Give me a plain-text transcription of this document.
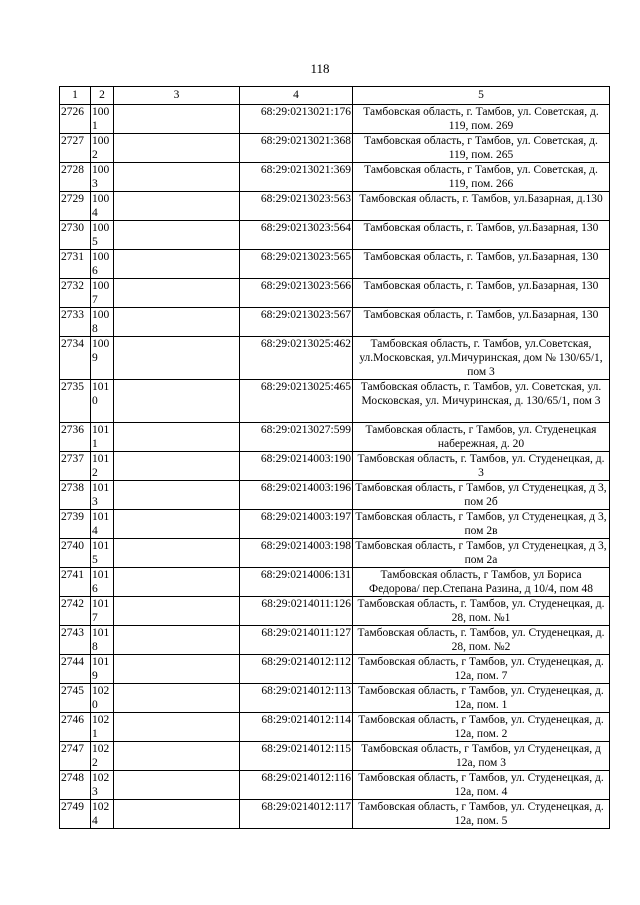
118
1	2	3	4	5
2726	1001		68:29:0213021:176	Тамбовская область, г. Тамбов, ул. Советская, д. 119, пом. 269
2727	1002		68:29:0213021:368	Тамбовская область, г Тамбов, ул. Советская, д. 119, пом. 265
2728	1003		68:29:0213021:369	Тамбовская область, г Тамбов, ул. Советская, д. 119, пом. 266
2729	1004		68:29:0213023:563	Тамбовская область, г. Тамбов, ул.Базарная, д.130
2730	1005		68:29:0213023:564	Тамбовская область, г. Тамбов, ул.Базарная, 130
2731	1006		68:29:0213023:565	Тамбовская область, г. Тамбов, ул.Базарная, 130
2732	1007		68:29:0213023:566	Тамбовская область, г. Тамбов, ул.Базарная, 130
2733	1008		68:29:0213023:567	Тамбовская область, г. Тамбов, ул.Базарная, 130
2734	1009		68:29:0213025:462	Тамбовская область, г. Тамбов, ул.Советская, ул.Московская, ул.Мичуринская, дом № 130/65/1, пом 3
2735	1010		68:29:0213025:465	Тамбовская область, г. Тамбов, ул. Советская, ул. Московская, ул. Мичуринская, д. 130/65/1, пом 3
2736	1011		68:29:0213027:599	Тамбовская область, г Тамбов, ул. Студенецкая набережная, д. 20
2737	1012		68:29:0214003:190	Тамбовская область, г. Тамбов, ул. Студенецкая, д. 3
2738	1013		68:29:0214003:196	Тамбовская область, г Тамбов, ул Студенецкая, д 3, пом 2б
2739	1014		68:29:0214003:197	Тамбовская область, г Тамбов, ул Студенецкая, д 3, пом 2в
2740	1015		68:29:0214003:198	Тамбовская область, г Тамбов, ул Студенецкая, д 3, пом 2а
2741	1016		68:29:0214006:131	Тамбовская область, г Тамбов, ул Бориса Федорова/ пер.Степана Разина, д 10/4, пом 48
2742	1017		68:29:0214011:126	Тамбовская область, г. Тамбов, ул. Студенецкая, д. 28, пом. №1
2743	1018		68:29:0214011:127	Тамбовская область, г. Тамбов, ул. Студенецкая, д. 28, пом. №2
2744	1019		68:29:0214012:112	Тамбовская область, г Тамбов, ул. Студенецкая, д. 12а, пом. 7
2745	1020		68:29:0214012:113	Тамбовская область, г Тамбов, ул. Студенецкая, д. 12а, пом. 1
2746	1021		68:29:0214012:114	Тамбовская область, г Тамбов, ул. Студенецкая, д. 12а, пом. 2
2747	1022		68:29:0214012:115	Тамбовская область, г Тамбов, ул Студенецкая, д 12а, пом 3
2748	1023		68:29:0214012:116	Тамбовская область, г Тамбов, ул. Студенецкая, д. 12а, пом. 4
2749	1024		68:29:0214012:117	Тамбовская область, г Тамбов, ул. Студенецкая, д. 12а, пом. 5
